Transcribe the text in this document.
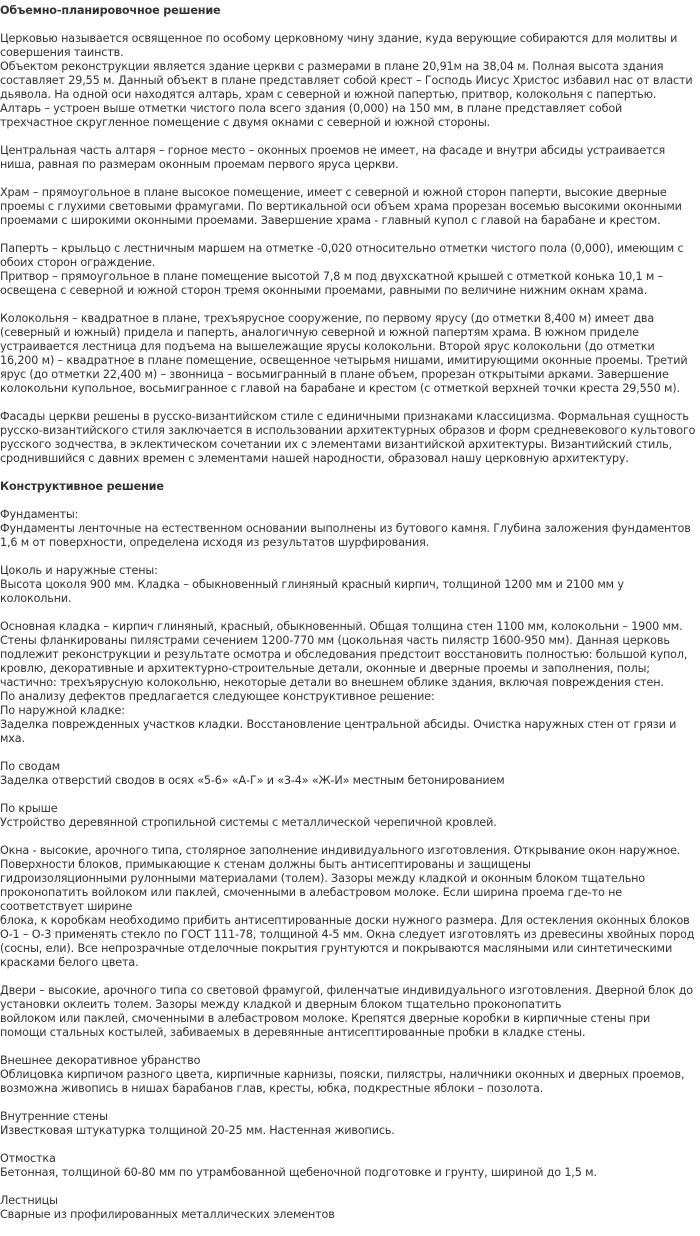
Объемно-планировочное решение

Церковью называется освященное по особому церковному чину здание, куда верующие собираются для молитвы и совершения таинств.
Объектом реконструкции является здание церкви с размерами в плане 20,91м на 38,04 м. Полная высота здания составляет 29,55 м. Данный объект в плане представляет собой крест – Господь Иисус Христос избавил нас от власти дьявола. На одной оси находятся алтарь, храм с северной и южной папертью, притвор, колокольня с папертью. Алтарь – устроен выше отметки чистого пола всего здания (0,000) на 150 мм, в плане представляет собой трехчастное скругленное помещение с двумя окнами с северной и южной стороны.

Центральная часть алтаря – горное место – оконных проемов не имеет, на фасаде и внутри абсиды устраивается ниша, равная по размерам оконным проемам первого яруса церкви.

Храм – прямоугольное в плане высокое помещение, имеет с северной и южной сторон паперти, высокие дверные проемы с глухими световыми фрамугами. По вертикальной оси объем храма прорезан восемью высокими оконными проемами с широкими оконными проемами. Завершение храма - главный купол с главой на барабане и крестом.

Паперть – крыльцо с лестничным маршем на отметке -0,020 относительно отметки чистого пола (0,000), имеющим с обоих сторон ограждение.
Притвор – прямоугольное в плане помещение высотой 7,8 м под двухскатной крышей с отметкой конька 10,1 м – освещена с северной и южной сторон тремя оконными проемами, равными по величине нижним окнам храма.

Колокольня – квадратное в плане, трехъярусное сооружение, по первому ярусу (до отметки 8,400 м) имеет два (северный и южный) придела и паперть, аналогичную северной и южной папертям храма. В южном приделе устраивается лестница для подъема на вышележащие ярусы колокольни. Второй ярус колокольни (до отметки 16,200 м) – квадратное в плане помещение, освещенное четырьмя нишами, имитирующими оконные проемы. Третий ярус (до отметки 22,400 м) – звонница – восьмигранный в плане объем, прорезан открытыми арками. Завершение колокольни купольное, восьмигранное с главой на барабане и крестом (с отметкой верхней точки креста 29,550 м).

Фасады церкви решены в русско-византийском стиле с единичными признаками классицизма. Формальная сущность русско-византийского стиля заключается в использовании архитектурных образов и форм средневекового культового русского зодчества, в эклектическом сочетании их с элементами византийской архитектуры. Византийский стиль, сроднившийся с давних времен с элементами нашей народности, образовал нашу церковную архитектуру.

Конструктивное решение

Фундаменты:
Фундаменты ленточные на естественном основании выполнены из бутового камня. Глубина заложения фундаментов 1,6 м от поверхности, определена исходя из результатов шурфирования.

Цоколь и наружные стены:
Высота цоколя 900 мм. Кладка – обыкновенный глиняный красный кирпич, толщиной 1200 мм и 2100 мм у колокольни.

Основная кладка – кирпич глиняный, красный, обыкновенный. Общая толщина стен 1100 мм, колокольни – 1900 мм. Стены фланкированы пилястрами сечением 1200-770 мм (цокольная часть пилястр 1600-950 мм). Данная церковь подлежит реконструкции и результате осмотра и обследования предстоит восстановить полностью: большой купол, кровлю, декоративные и архитектурно-строительные детали, оконные и дверные проемы и заполнения, полы; частично: трехъярусную колокольню, некоторые детали во внешнем облике здания, включая повреждения стен.
По анализу дефектов предлагается следующее конструктивное решение:
По наружной кладке:
Заделка поврежденных участков кладки. Восстановление центральной абсиды. Очистка наружных стен от грязи и мха.

По сводам
Заделка отверстий сводов в осях «5-6» «А-Г» и «3-4» «Ж-И» местным бетонированием

По крыше
Устройство деревянной стропильной системы с металлической черепичной кровлей.

Окна - высокие, арочного типа, столярное заполнение индивидуального изготовления. Открывание окон наружное.
Поверхности блоков, примыкающие к стенам должны быть антисептированы и защищены
гидроизоляционными рулонными материалами (толем). Зазоры между кладкой и оконным блоком тщательно проконопатить войлоком или паклей, смоченными в алебастровом молоке. Если ширина проема где-то не соответствует ширине
блока, к коробкам необходимо прибить антисептированные доски нужного размера. Для остекления оконных блоков О-1 – О-3 применять стекло по ГОСТ 111-78, толщиной 4-5 мм. Окна следует изготовлять из древесины хвойных пород (сосны, ели). Все непрозрачные отделочные покрытия грунтуются и покрываются масляными или синтетическими красками белого цвета.

Двери – высокие, арочного типа со световой фрамугой, филенчатые индивидуального изготовления. Дверной блок до установки оклеить толем. Зазоры между кладкой и дверным блоком тщательно проконопатить
войлоком или паклей, смоченными в алебастровом молоке. Крепятся дверные коробки в кирпичные стены при помощи стальных костылей, забиваемых в деревянные антисептированные пробки в кладке стены.

Внешнее декоративное убранство
Облицовка кирпичом разного цвета, кирпичные карнизы, пояски, пилястры, наличники оконных и дверных проемов, возможна живопись в нишах барабанов глав, кресты, юбка, подкрестные яблоки – позолота.

Внутренние стены
Известковая штукатурка толщиной 20-25 мм. Настенная живопись.

Отмостка
Бетонная, толщиной 60-80 мм по утрамбованной щебеночной подготовке и грунту, шириной до 1,5 м.

Лестницы
Сварные из профилированных металлических элементов
